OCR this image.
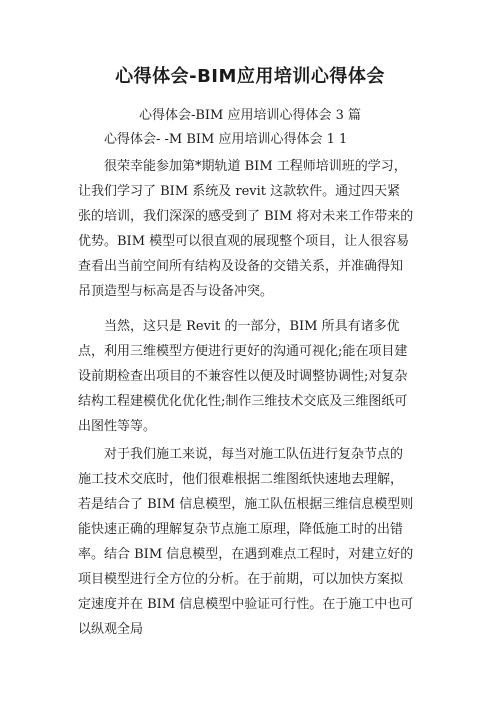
心得体会-BIM应用培训心得体会
心得体会-BIM 应用培训心得体会 3 篇
心得体会- -M BIM 应用培训心得体会 1 1
很荣幸能参加第*期轨道 BIM 工程师培训班的学习，
让我们学习了 BIM 系统及 revit 这款软件。通过四天紧
张的培训，我们深深的感受到了 BIM 将对未来工作带来的
优势。BIM 模型可以很直观的展现整个项目，让人很容易
查看出当前空间所有结构及设备的交错关系，并准确得知
吊顶造型与标高是否与设备冲突。
当然，这只是 Revit 的一部分，BIM 所具有诸多优
点，利用三维模型方便进行更好的沟通可视化;能在项目建
设前期检查出项目的不兼容性以便及时调整协调性;对复杂
结构工程建模优化优化性;制作三维技术交底及三维图纸可
出图性等等。
对于我们施工来说，每当对施工队伍进行复杂节点的
施工技术交底时，他们很难根据二维图纸快速地去理解，
若是结合了 BIM 信息模型，施工队伍根据三维信息模型则
能快速正确的理解复杂节点施工原理，降低施工时的出错
率。结合 BIM 信息模型，在遇到难点工程时，对建立好的
项目模型进行全方位的分析。在于前期，可以加快方案拟
定速度并在 BIM 信息模型中验证可行性。在于施工中也可
以纵观全局
